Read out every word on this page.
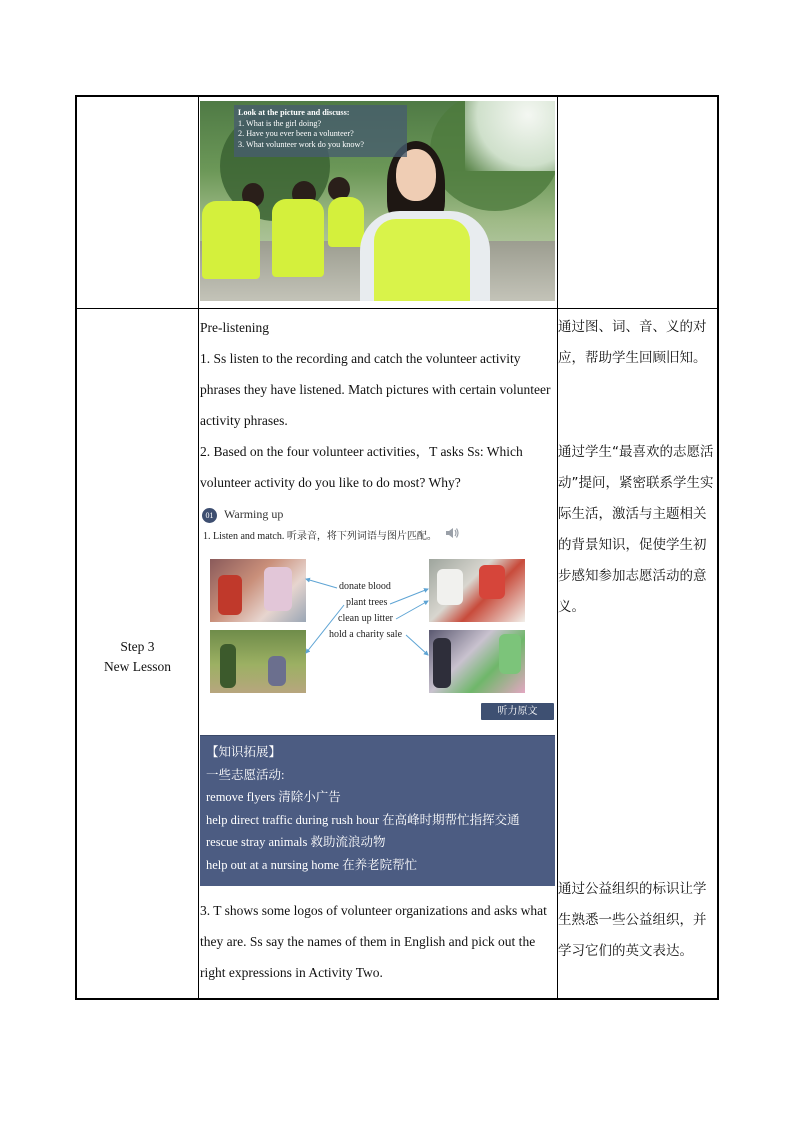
Look at the picture and discuss:
1. What is the girl doing?
2. Have you ever been a volunteer?
3. What volunteer work do you know?
Step 3
New Lesson

Pre-listening

1. Ss listen to the recording and catch the volunteer activity phrases they have listened. Match pictures with certain volunteer activity phrases.

2. Based on the four volunteer activities，T asks Ss: Which volunteer activity do you like to do most? Why?

01 Warming up
1. Listen and match. 听录音，将下列词语与图片匹配。
donate blood
plant trees
clean up litter
hold a charity sale
听力原文
【知识拓展】
一些志愿活动:
remove flyers 清除小广告
help direct traffic during rush hour 在高峰时期帮忙指挥交通
rescue stray animals 救助流浪动物
help out at a nursing home 在养老院帮忙

3. T shows some logos of volunteer organizations and asks what they are. Ss say the names of them in English and pick out the right expressions in Activity Two.

通过图、词、音、义的对应，帮助学生回顾旧知。
通过学生“最喜欢的志愿活动”提问，紧密联系学生实际生活，激活与主题相关的背景知识，促使学生初步感知参加志愿活动的意义。
通过公益组织的标识让学生熟悉一些公益组织，并学习它们的英文表达。
